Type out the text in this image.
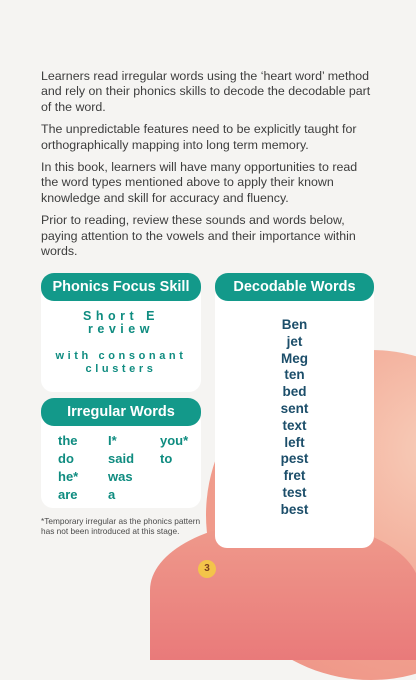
Learners read irregular words using the ‘heart word’ method and rely on their phonics skills to decode the decodable part of the word.

The unpredictable features need to be explicitly taught for orthographically mapping into long term memory.

In this book, learners will have many opportunities to read the word types mentioned above to apply their known knowledge and skill for accuracy and fluency.

Prior to reading, review these sounds and words below, paying attention to the vowels and their importance within words.

Phonics Focus Skill
Short E
review
with consonant
clusters
Irregular Words
the I*	you*
do	said to
he* was
are a
*Temporary irregular as the phonics pattern has not been introduced at this stage.
Decodable Words
Ben
jet
Meg
ten
bed
sent
text
left
pest
fret
test
best
3
